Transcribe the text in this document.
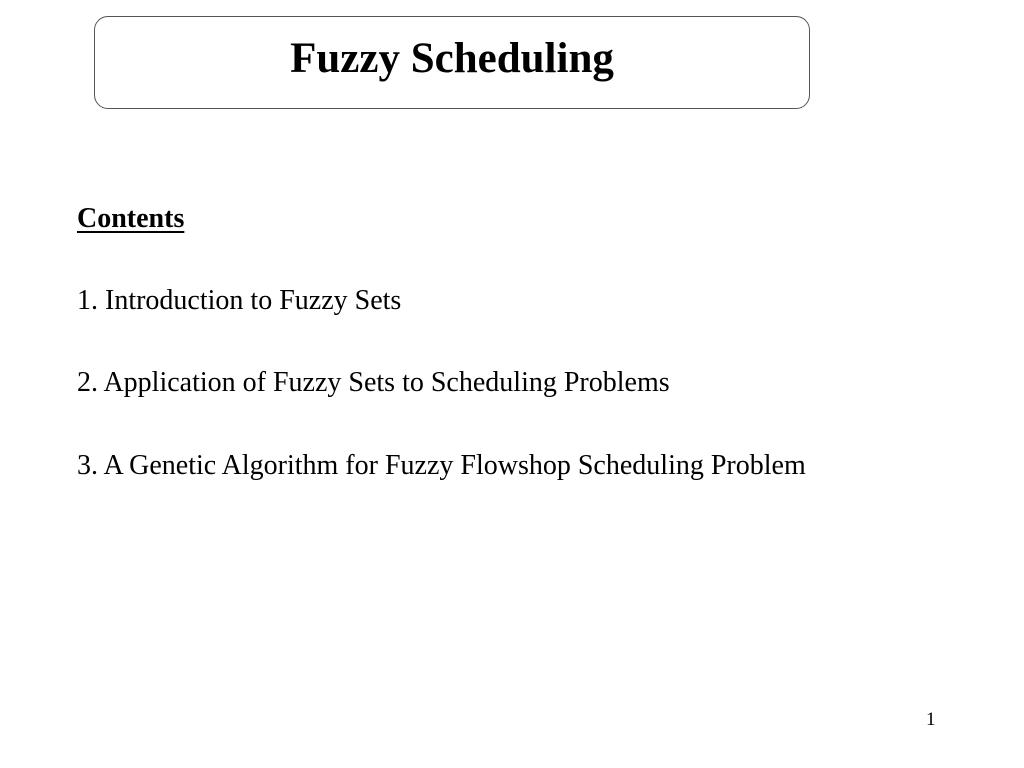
Fuzzy Scheduling
Contents
1. Introduction to Fuzzy Sets
2. Application of Fuzzy Sets to Scheduling Problems
3. A Genetic Algorithm for Fuzzy Flowshop Scheduling Problem
1
